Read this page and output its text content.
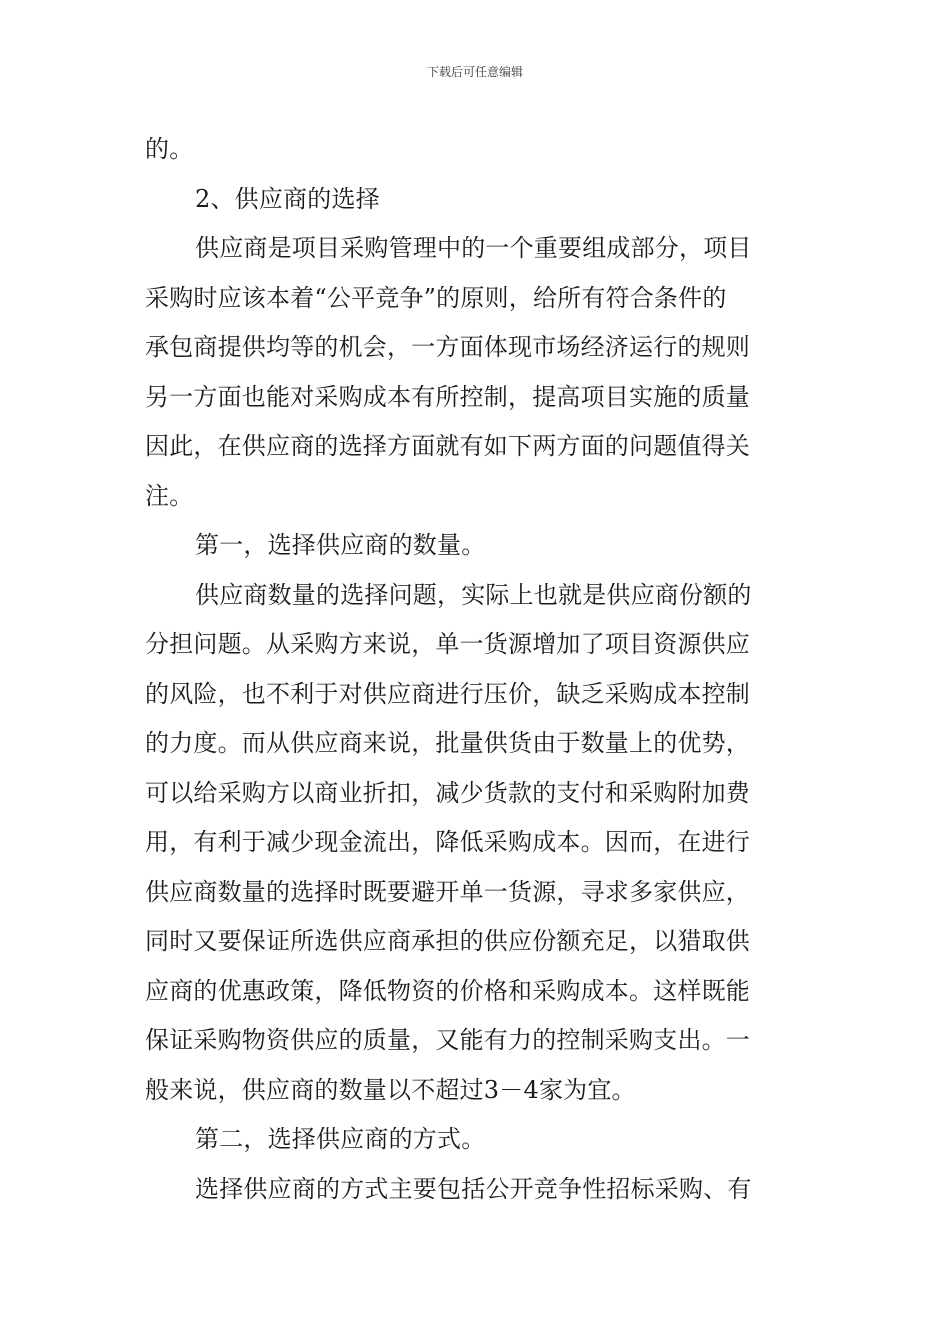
下载后可任意编辑
的。
2、供应商的选择
供应商是项目采购管理中的一个重要组成部分，项目
采购时应该本着“公平竞争”的原则，给所有符合条件的
承包商提供均等的机会，一方面体现市场经济运行的规则
另一方面也能对采购成本有所控制，提高项目实施的质量
因此，在供应商的选择方面就有如下两方面的问题值得关
注。
第一，选择供应商的数量。
供应商数量的选择问题，实际上也就是供应商份额的
分担问题。从采购方来说，单一货源增加了项目资源供应
的风险，也不利于对供应商进行压价，缺乏采购成本控制
的力度。而从供应商来说，批量供货由于数量上的优势，
可以给采购方以商业折扣，减少货款的支付和采购附加费
用，有利于减少现金流出，降低采购成本。因而，在进行
供应商数量的选择时既要避开单一货源，寻求多家供应，
同时又要保证所选供应商承担的供应份额充足，以猎取供
应商的优惠政策，降低物资的价格和采购成本。这样既能
保证采购物资供应的质量，又能有力的控制采购支出。一
般来说，供应商的数量以不超过3－4家为宜。
第二，选择供应商的方式。
选择供应商的方式主要包括公开竞争性招标采购、有
